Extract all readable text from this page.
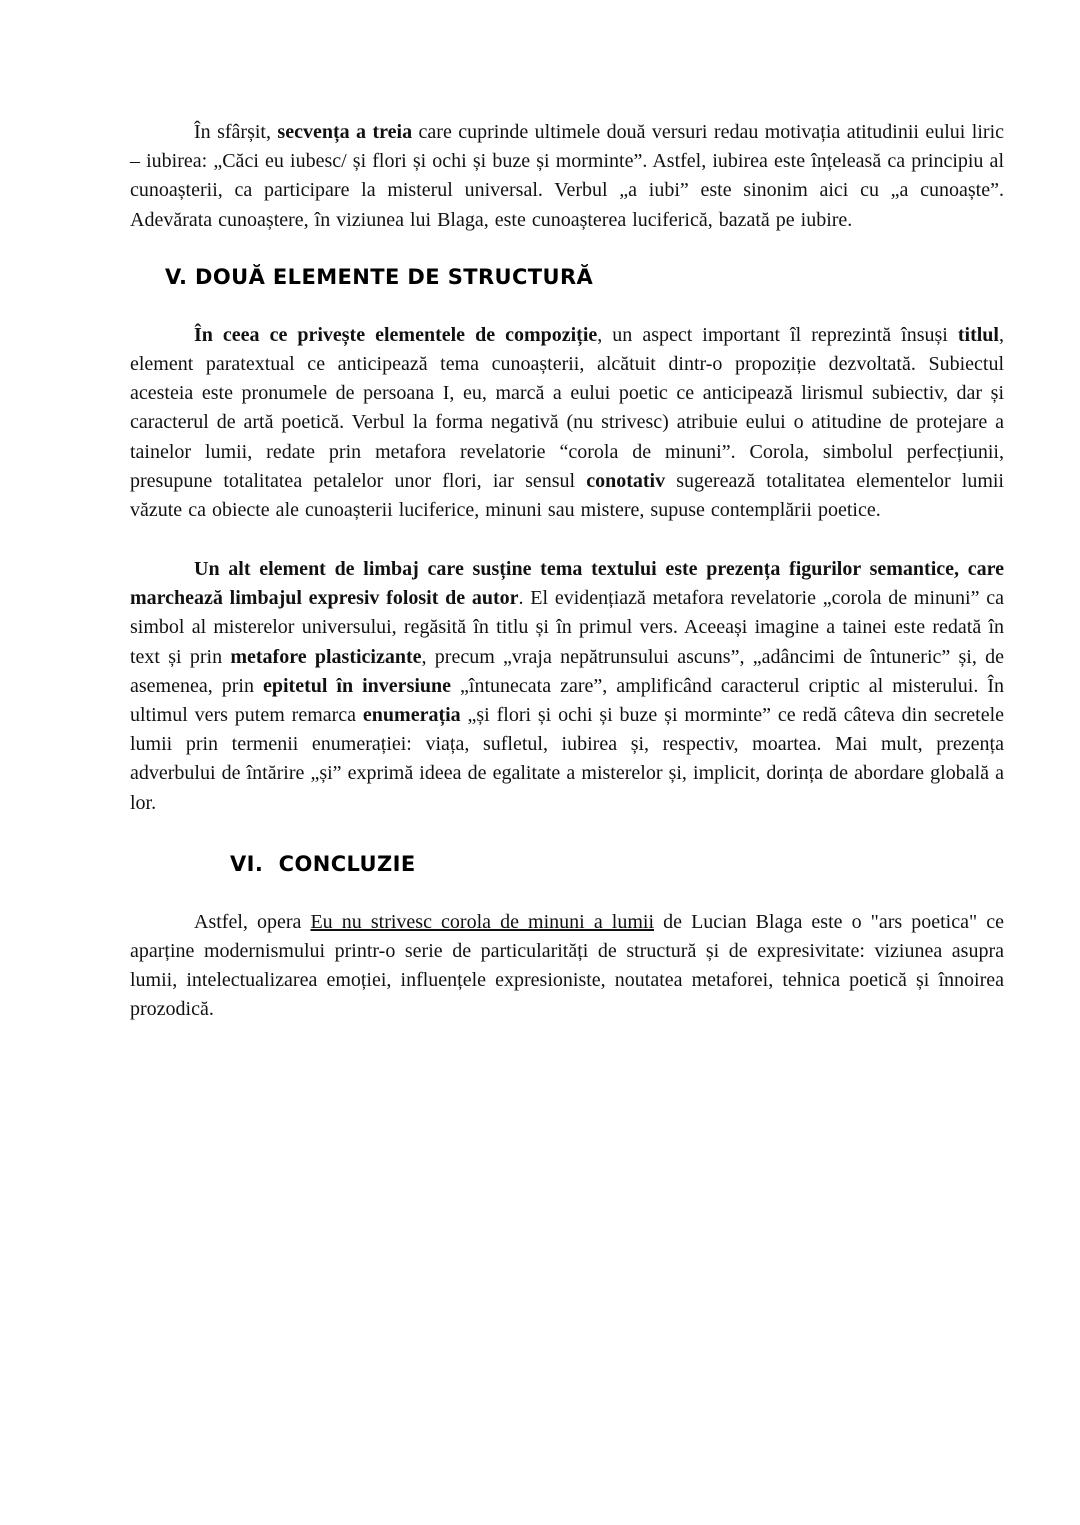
În sfârșit, secvența a treia care cuprinde ultimele două versuri redau motivația atitudinii eului liric – iubirea: „Căci eu iubesc/ și flori și ochi și buze și morminte”. Astfel, iubirea este înțeleasă ca principiu al cunoașterii, ca participare la misterul universal. Verbul „a iubi” este sinonim aici cu „a cunoaște”. Adevărata cunoaștere, în viziunea lui Blaga, este cunoașterea luciferică, bazată pe iubire.

V. DOUĂ ELEMENTE DE STRUCTURĂ

În ceea ce privește elementele de compoziție, un aspect important îl reprezintă însuși titlul, element paratextual ce anticipează tema cunoașterii, alcătuit dintr-o propoziție dezvoltată. Subiectul acesteia este pronumele de persoana I, eu, marcă a eului poetic ce anticipează lirismul subiectiv, dar și caracterul de artă poetică. Verbul la forma negativă (nu strivesc) atribuie eului o atitudine de protejare a tainelor lumii, redate prin metafora revelatorie “corola de minuni”. Corola, simbolul perfecțiunii, presupune totalitatea petalelor unor flori, iar sensul conotativ sugerează totalitatea elementelor lumii văzute ca obiecte ale cunoașterii luciferice, minuni sau mistere, supuse contemplării poetice.

Un alt element de limbaj care susține tema textului este prezența figurilor semantice, care marchează limbajul expresiv folosit de autor. El evidențiază metafora revelatorie „corola de minuni” ca simbol al misterelor universului, regăsită în titlu și în primul vers. Aceeași imagine a tainei este redată în text și prin metafore plasticizante, precum „vraja nepătrunsului ascuns”, „adâncimi de întuneric” și, de asemenea, prin epitetul în inversiune „întunecata zare”, amplificând caracterul criptic al misterului. În ultimul vers putem remarca enumerația „și flori și ochi și buze și morminte” ce redă câteva din secretele lumii prin termenii enumerației: viața, sufletul, iubirea și, respectiv, moartea. Mai mult, prezența adverbului de întărire „și” exprimă ideea de egalitate a misterelor și, implicit, dorința de abordare globală a lor.

VI.  CONCLUZIE

Astfel, opera Eu nu strivesc corola de minuni a lumii de Lucian Blaga este o "ars poetica" ce aparține modernismului printr-o serie de particularități de structură și de expresivitate: viziunea asupra lumii, intelectualizarea emoției, influențele expresioniste, noutatea metaforei, tehnica poetică și înnoirea prozodică.
